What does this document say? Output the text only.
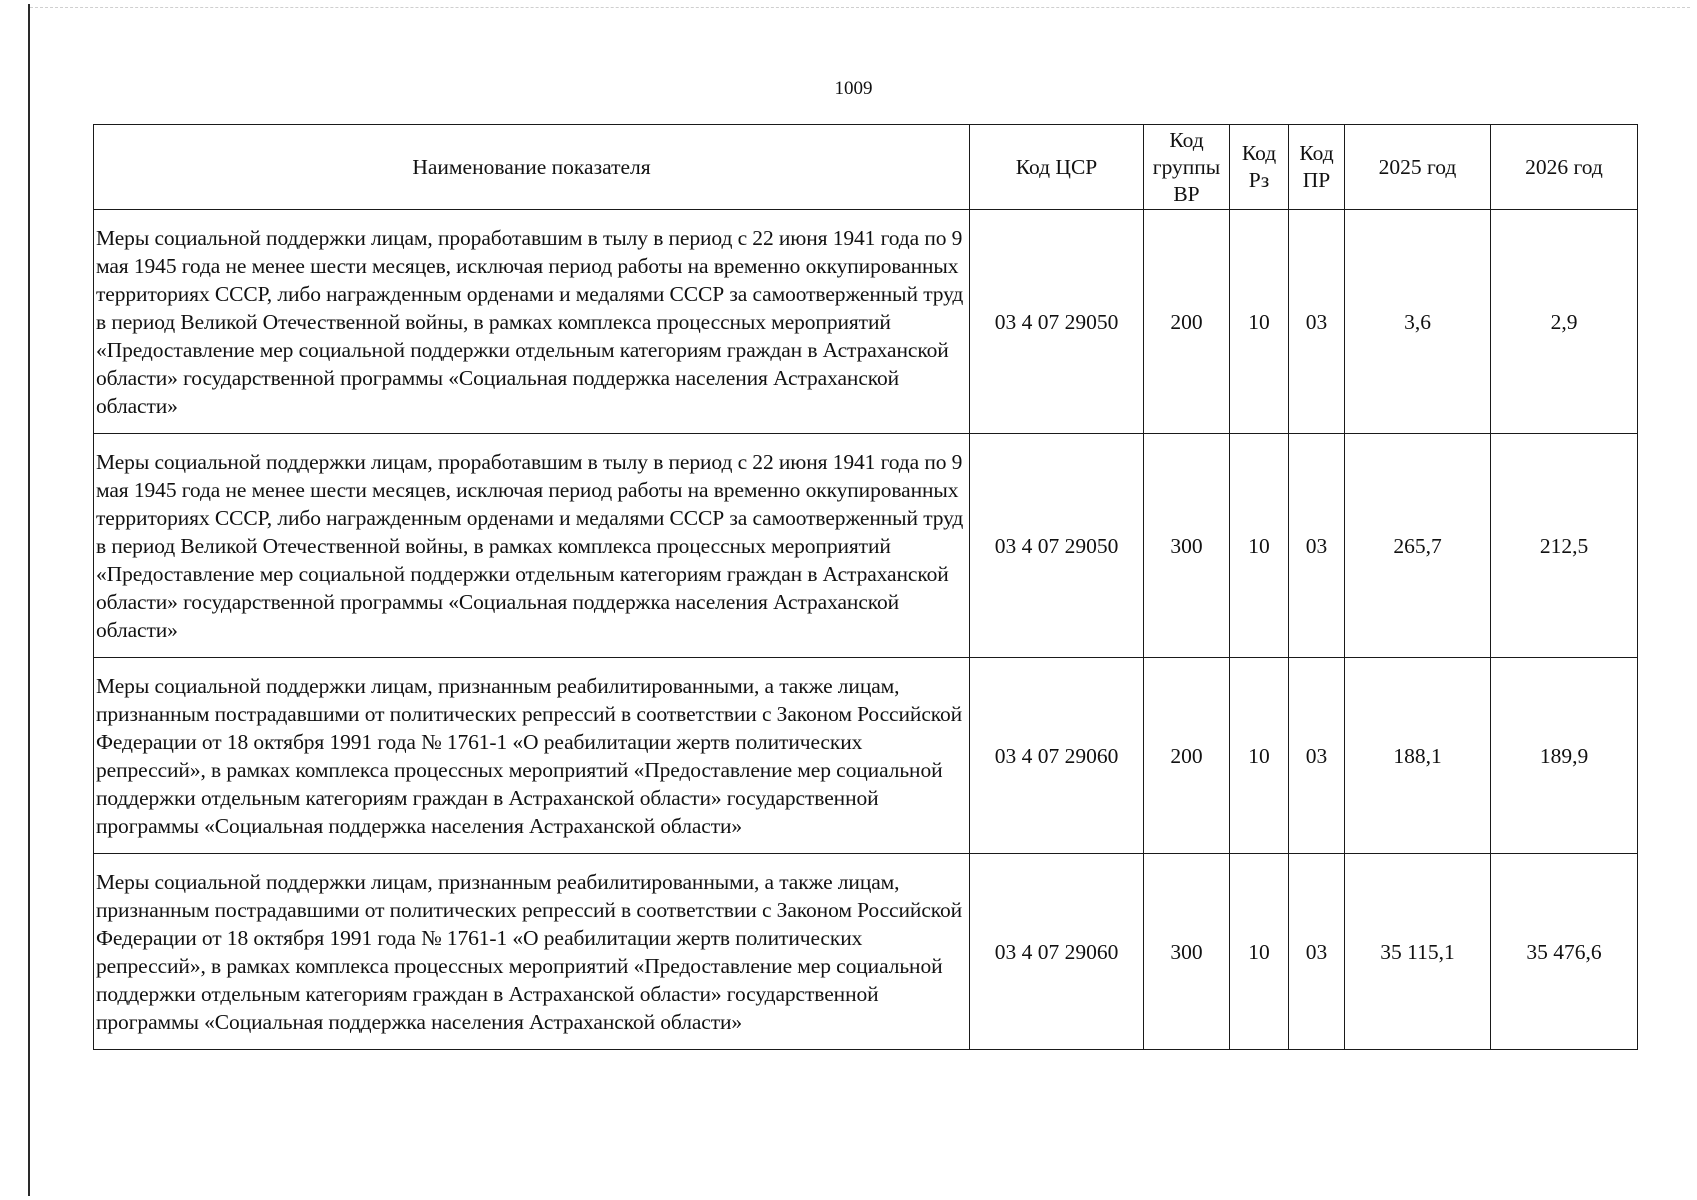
1009
Наименование показателя	Код ЦСР	Код группы ВР	Код Рз	Код ПР	2025 год	2026 год
Меры социальной поддержки лицам, проработавшим в тылу в период с 22 июня 1941 года по 9 мая 1945 года не менее шести месяцев, исключая период работы на временно оккупированных территориях СССР, либо награжденным орденами и медалями СССР за самоотверженный труд в период Великой Отечественной войны, в рамках комплекса процессных мероприятий «Предоставление мер социальной поддержки отдельным категориям граждан в Астраханской области» государственной программы «Социальная поддержка населения Астраханской области»	03 4 07 29050	200	10	03	3,6	2,9
Меры социальной поддержки лицам, проработавшим в тылу в период с 22 июня 1941 года по 9 мая 1945 года не менее шести месяцев, исключая период работы на временно оккупированных территориях СССР, либо награжденным орденами и медалями СССР за самоотверженный труд в период Великой Отечественной войны, в рамках комплекса процессных мероприятий «Предоставление мер социальной поддержки отдельным категориям граждан в Астраханской области» государственной программы «Социальная поддержка населения Астраханской области»	03 4 07 29050	300	10	03	265,7	212,5
Меры социальной поддержки лицам, признанным реабилитированными, а также лицам, признанным пострадавшими от политических репрессий в соответствии с Законом Российской Федерации от 18 октября 1991 года № 1761-1 «О реабилитации жертв политических репрессий», в рамках комплекса процессных мероприятий «Предоставление мер социальной поддержки отдельным категориям граждан в Астраханской области» государственной программы «Социальная поддержка населения Астраханской области»	03 4 07 29060	200	10	03	188,1	189,9
Меры социальной поддержки лицам, признанным реабилитированными, а также лицам, признанным пострадавшими от политических репрессий в соответствии с Законом Российской Федерации от 18 октября 1991 года № 1761-1 «О реабилитации жертв политических репрессий», в рамках комплекса процессных мероприятий «Предоставление мер социальной поддержки отдельным категориям граждан в Астраханской области» государственной программы «Социальная поддержка населения Астраханской области»	03 4 07 29060	300	10	03	35 115,1	35 476,6
